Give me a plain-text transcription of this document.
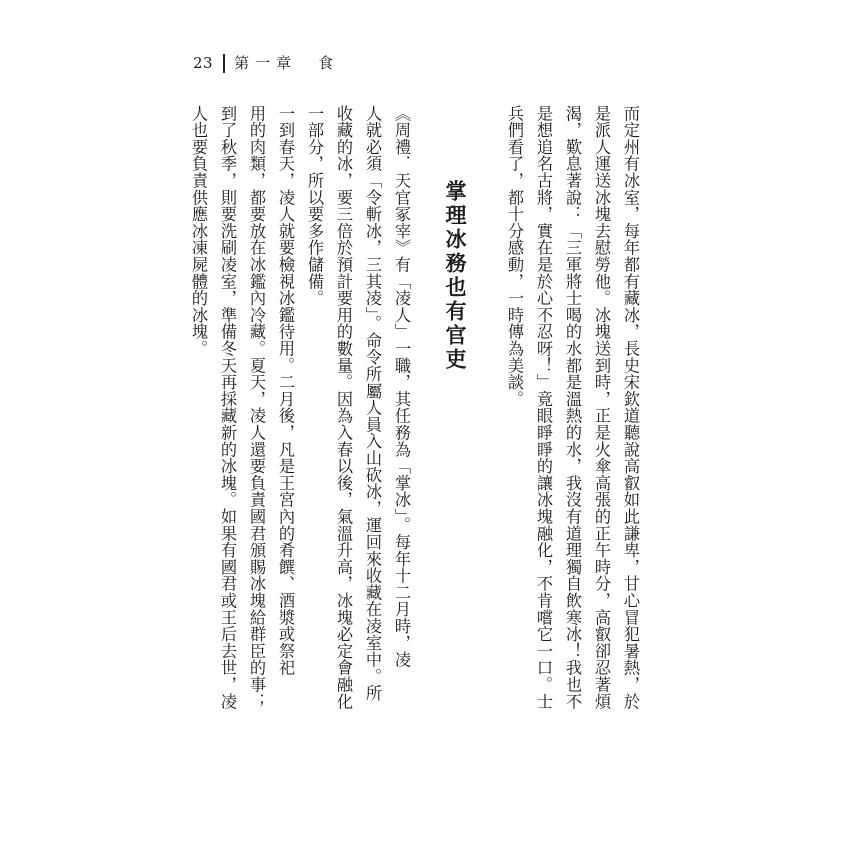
23 第一章　食
而定州有冰室，每年都有藏冰，長史宋欽道聽說高叡如此謙卑，甘心冒犯暑熱，於
是派人運送冰塊去慰勞他。冰塊送到時，正是火傘高張的正午時分，高叡卻忍著煩
渴，歎息著說：「三軍將士喝的水都是溫熱的水，我沒有道理獨自飲寒冰！我也不
是想追名古將，實在是於心不忍呀！」竟眼睜睜的讓冰塊融化，不肯嚐它一口。士
兵們看了，都十分感動，一時傳為美談。
掌理冰務也有官吏
《周禮．天官冢宰》有「凌人」一職，其任務為「掌冰」。每年十二月時，凌
人就必須「令斬冰，三其凌」。命令所屬人員入山砍冰，運回來收藏在凌室中。所
收藏的冰，要三倍於預計要用的數量。因為入春以後，氣溫升高，冰塊必定會融化
一部分，所以要多作儲備。
一到春天，凌人就要檢視冰鑑待用。二月後，凡是王宮內的肴饌、酒漿或祭祀
用的肉類，都要放在冰鑑內冷藏。夏天，凌人還要負責國君頒賜冰塊給群臣的事；
到了秋季，則要洗刷凌室，準備冬天再採藏新的冰塊。如果有國君或王后去世，凌
人也要負責供應冰凍屍體的冰塊。
